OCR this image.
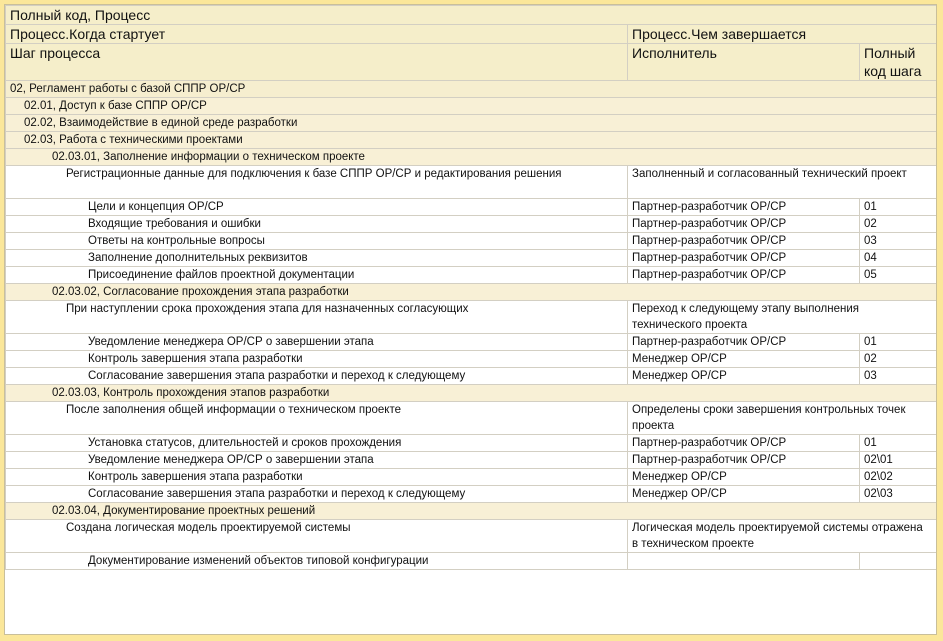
Полный код, Процесс		
Процесс.Когда стартует	Процесс.Чем завершается	
Шаг процесса	Исполнитель	Полный код шага
02, Регламент работы с базой СППР ОР/СР		
02.01, Доступ к базе СППР ОР/СР		
02.02, Взаимодействие в единой среде разработки		
02.03, Работа с техническими проектами		
02.03.01, Заполнение информации о техническом проекте		
Регистрационные данные для подключения к базе СППР ОР/СР и редактирования решения	Заполненный и согласованный технический проект	
Цели и концепция ОР/СР	Партнер-разработчик ОР/СР	01
Входящие требования и ошибки	Партнер-разработчик ОР/СР	02
Ответы на контрольные вопросы	Партнер-разработчик ОР/СР	03
Заполнение дополнительных реквизитов	Партнер-разработчик ОР/СР	04
Присоединение файлов проектной документации	Партнер-разработчик ОР/СР	05
02.03.02, Согласование прохождения этапа разработки		
При наступлении срока прохождения этапа для назначенных согласующих	Переход к следующему этапу выполнения технического проекта	
Уведомление менеджера ОР/СР о завершении этапа	Партнер-разработчик ОР/СР	01
Контроль завершения этапа разработки	Менеджер ОР/СР	02
Согласование завершения этапа разработки и переход к следующему	Менеджер ОР/СР	03
02.03.03, Контроль прохождения этапов разработки		
После заполнения общей информации о техническом проекте	Определены сроки завершения контрольных точек проекта	
Установка статусов, длительностей и сроков прохождения	Партнер-разработчик ОР/СР	01
Уведомление менеджера ОР/СР о завершении этапа	Партнер-разработчик ОР/СР	02\01
Контроль завершения этапа разработки	Менеджер ОР/СР	02\02
Согласование завершения этапа разработки и переход к следующему	Менеджер ОР/СР	02\03
02.03.04, Документирование проектных решений		
Создана логическая модель проектируемой системы	Логическая модель проектируемой системы отражена в техническом проекте	
Документирование изменений объектов типовой конфигурации		
